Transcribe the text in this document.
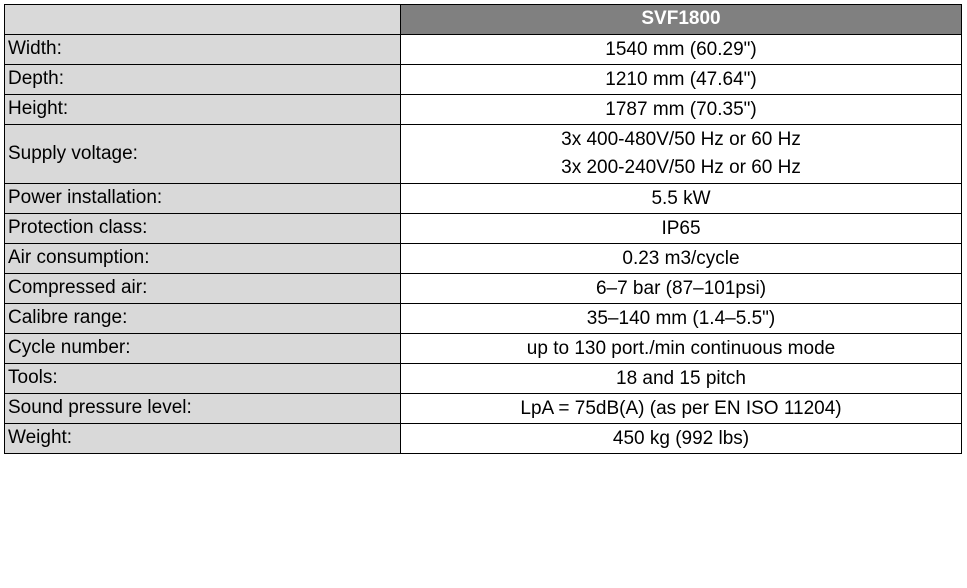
	SVF1800
Width:	1540 mm (60.29")

Depth:	1210 mm (47.64")

Height:	1787 mm (70.35")

Supply voltage:	3x 400-480V/50 Hz or 60 Hz
3x 200-240V/50 Hz or 60 Hz

Power installation:	5.5 kW

Protection class:	IP65

Air consumption:	0.23 m3/cycle

Compressed air:	6–7 bar (87–101psi)

Calibre range:	35–140 mm (1.4–5.5")

Cycle number:	up to 130 port./min continuous mode

Tools:	18 and 15 pitch

Sound pressure level:	LpA = 75dB(A) (as per EN ISO 11204)

Weight:	450 kg (992 lbs)
